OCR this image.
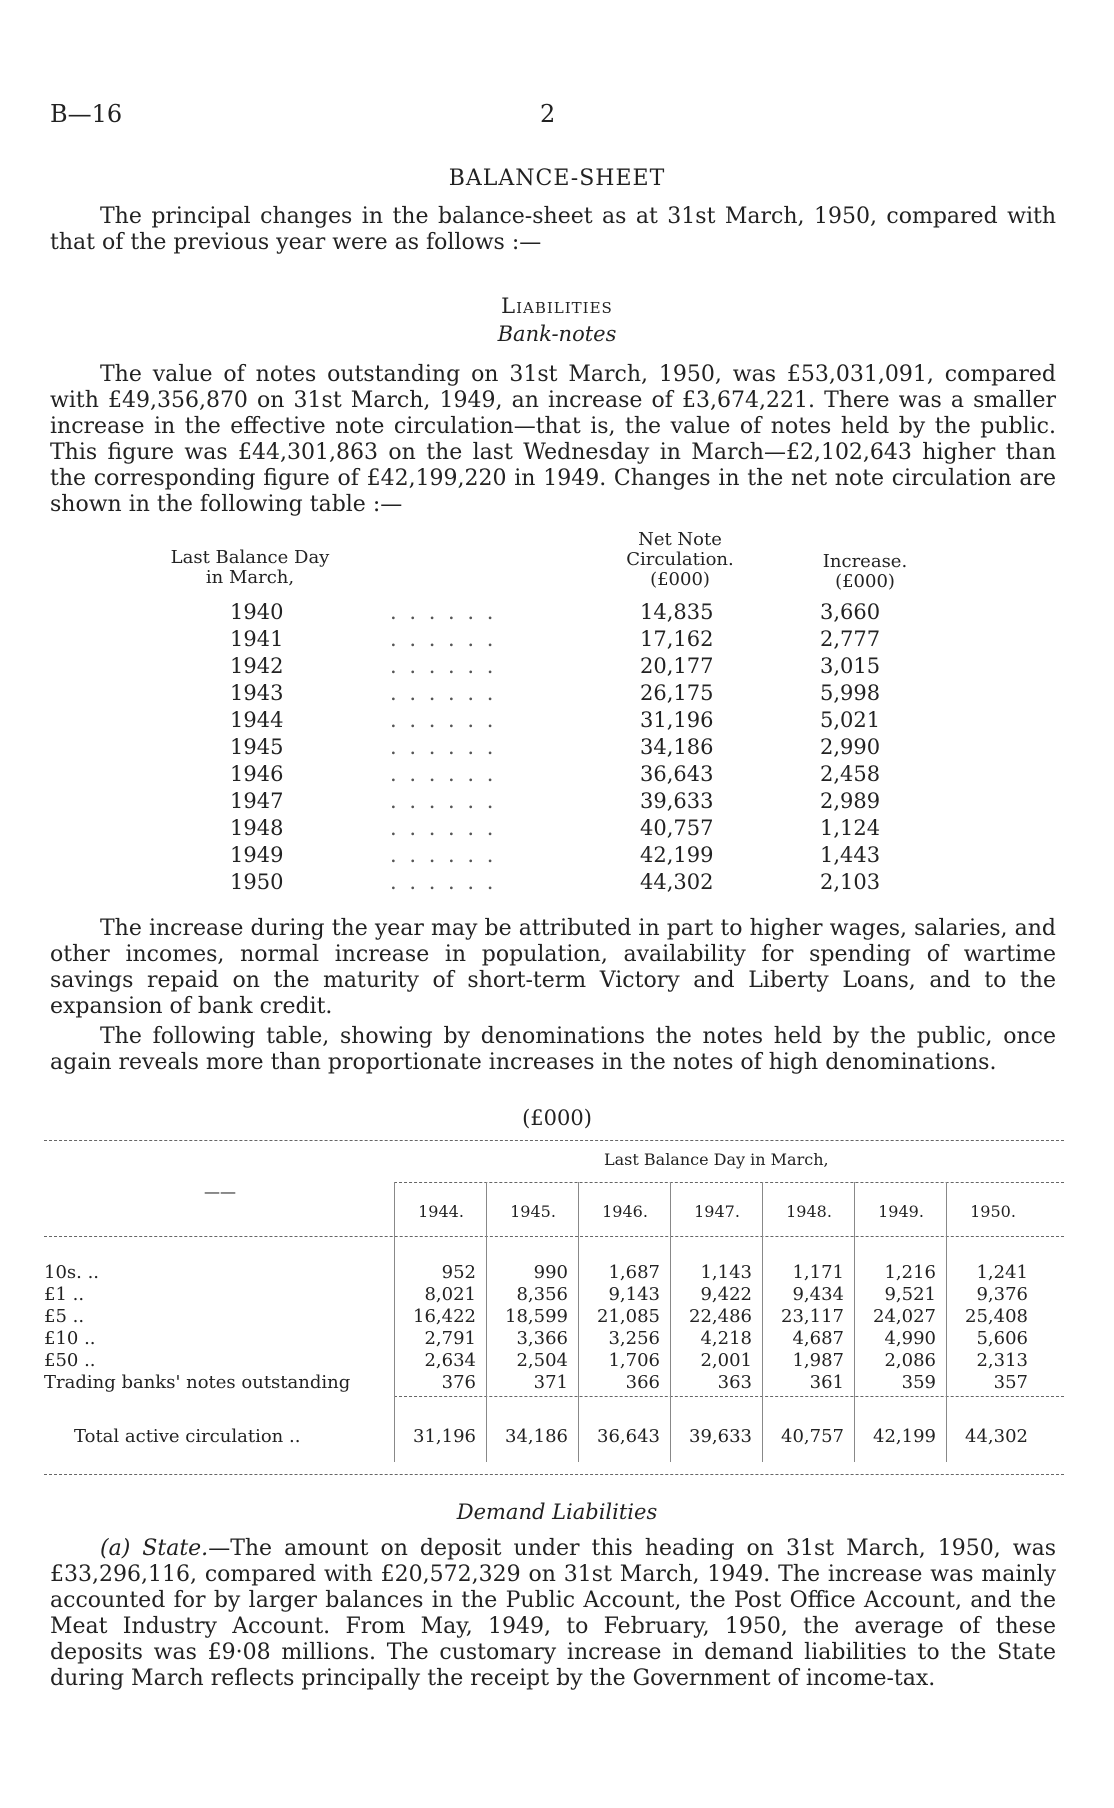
B—16	2
BALANCE-SHEET
The principal changes in the balance-sheet as at 31st March, 1950, compared with that of the previous year were as follows :—
Liabilities
Bank-notes
The value of notes outstanding on 31st March, 1950, was £53,031,091, compared with £49,356,870 on 31st March, 1949, an increase of £3,674,221. There was a smaller increase in the effective note circulation—that is, the value of notes held by the public. This figure was £44,301,863 on the last Wednesday in March—£2,102,643 higher than the corresponding figure of £42,199,220 in 1949. Changes in the net note circulation are shown in the following table :—
Last Balance Day
in March,
Net Note
Circulation.
(£000)
Increase.
(£000)
1940	. . . . . .	14,835	3,660
1941	. . . . . .	17,162	2,777
1942	. . . . . .	20,177	3,015
1943	. . . . . .	26,175	5,998
1944	. . . . . .	31,196	5,021
1945	. . . . . .	34,186	2,990
1946	. . . . . .	36,643	2,458
1947	. . . . . .	39,633	2,989
1948	. . . . . .	40,757	1,124
1949	. . . . . .	42,199	1,443
1950	. . . . . .	44,302	2,103
The increase during the year may be attributed in part to higher wages, salaries, and other incomes, normal increase in population, availability for spending of wartime savings repaid on the maturity of short-term Victory and Liberty Loans, and to the expansion of bank credit.
The following table, showing by denominations the notes held by the public, once again reveals more than proportionate increases in the notes of high denominations.
(£000)
Last Balance Day in March,
——
1944.	1945.	1946.	1947.	1948.	1949.	1950.
10s. ..	952	990	1,687	1,143	1,171	1,216	1,241
£1 ..	8,021	8,356	9,143	9,422	9,434	9,521	9,376
£5 ..	16,422	18,599	21,085	22,486	23,117	24,027	25,408
£10 ..	2,791	3,366	3,256	4,218	4,687	4,990	5,606
£50 ..	2,634	2,504	1,706	2,001	1,987	2,086	2,313
Trading banks' notes outstanding	376	371	366	363	361	359	357
Total active circulation ..	31,196	34,186	36,643	39,633	40,757	42,199	44,302
Demand Liabilities
(a) State.—The amount on deposit under this heading on 31st March, 1950, was £33,296,116, compared with £20,572,329 on 31st March, 1949. The increase was mainly accounted for by larger balances in the Public Account, the Post Office Account, and the Meat Industry Account. From May, 1949, to February, 1950, the average of these deposits was £9·08 millions. The customary increase in demand liabilities to the State during March reflects principally the receipt by the Government of income-tax.
